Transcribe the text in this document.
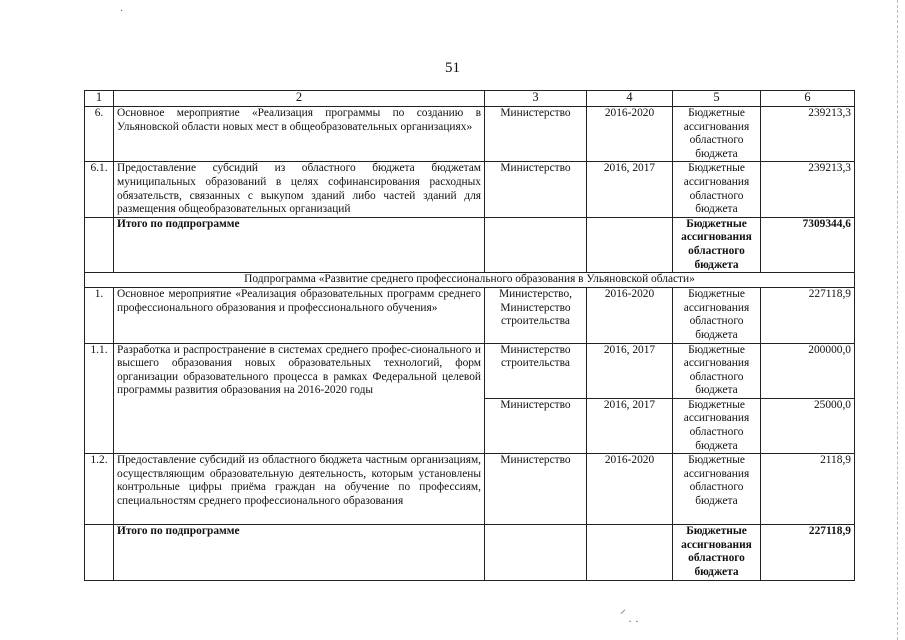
·
⸝
· ·
51
1	2	3	4	5	6
6.	Основное мероприятие «Реализация программы по созданию в Ульяновской области новых мест в общеобразовательных организациях»	Министерство	2016-2020	Бюджетные ассигнования областного бюджета	239213,3
6.1.	Предоставление субсидий из областного бюджета бюджетам муниципальных образований в целях софинансирования расходных обязательств, связанных с выкупом зданий либо частей зданий для размещения общеобразовательных организаций	Министерство	2016, 2017	Бюджетные ассигнования областного бюджета	239213,3
	Итого по подпрограмме			Бюджетные ассигнования областного бюджета	7309344,6
Подпрограмма «Развитие среднего профессионального образования в Ульяновской области»					
1.	Основное мероприятие «Реализация образовательных программ среднего профессионального образования и профессионального обучения»	Министерство, Министерство строительства	2016-2020	Бюджетные ассигнования областного бюджета	227118,9
1.1.	Разработка и распространение в системах среднего профес-сионального и высшего образования новых образовательных технологий, форм организации образовательного процесса в рамках Федеральной целевой программы развития образования на 2016-2020 годы	Министерство строительства	2016, 2017	Бюджетные ассигнования областного бюджета	200000,0
		Министерство	2016, 2017	Бюджетные ассигнования областного бюджета	25000,0
1.2.	Предоставление субсидий из областного бюджета частным организациям, осуществляющим образовательную деятельность, которым установлены контрольные цифры приёма граждан на обучение по профессиям, специальностям среднего профессионального образования	Министерство	2016-2020	Бюджетные ассигнования областного бюджета	2118,9
	Итого по подпрограмме			Бюджетные ассигнования областного бюджета	227118,9
